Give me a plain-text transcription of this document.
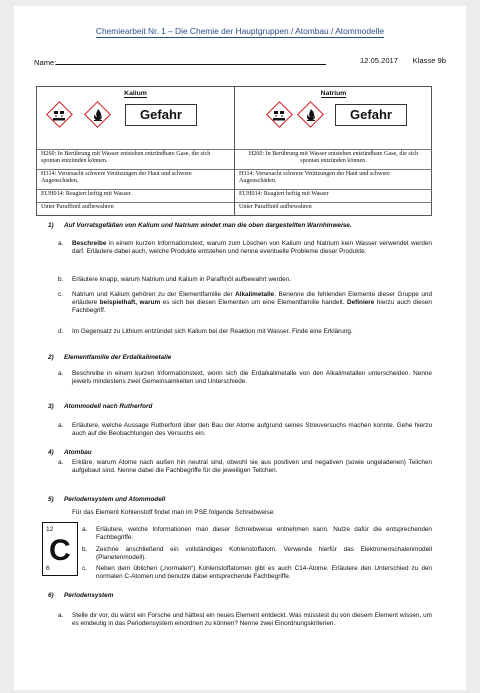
Chemiearbeit Nr. 1 – Die Chemie der Hauptgruppen / Atombau / Atommodelle
Name:	12.05.2017 Klasse 9b
Kalium
Gefahr
H260: In Berührung mit Wasser entstehen entzündbare Gase, die sich spontan entzünden können.
H314: Verursacht schwere Verätzungen der Haut und schwere Augenschäden.
EUH014: Reagiert heftig mit Wasser.
Unter Paraffinöl aufbewahren
Natrium
Gefahr
H260: In Berührung mit Wasser entstehen entzündbare Gase, die sich spontan entzünden können.
H314: Verursacht schwere Verätzungen der Haut und schwere Augenschäden.
EUH014: Reagiert heftig mit Wasser
Unter Paraffinöl aufbewahren
1) Auf Vorratsgefäßen von Kalium und Natrium windet man die oben dargestellten Warnhinweise.
a. Beschreibe in einem kurzen Informationstext, warum zum Löschen von Kalium und Natrium kein Wasser verwendet werden darf. Erläutere dabei auch, welche Produkte entstehen und nenne eventuelle Probleme dieser Produkte.
b. Erläutere knapp, warum Natrium und Kalium in Paraffinöl aufbewahrt werden.
c. Natrium und Kalium gehören zu der Elementfamilie der Alkalimetalle. Benenne die fehlenden Elemente dieser Gruppe und erläutere beispielhaft, warum es sich bei diesen Elementen um eine Elementfamilie handelt. Definiere hierzu auch diesen Fachbegriff.
d. Im Gegensatz zu Lithium entzündet sich Kalium bei der Reaktion mit Wasser. Finde eine Erklärung.
2) Elementfamilie der Erdalkalimetalle
a. Beschreibe in einem kurzen Informationstext, worin sich die Erdalkalimetalle von den Alkalimetallen unterscheiden. Nenne jeweils mindestens zwei Gemeinsamkeiten und Unterschiede.
3) Atommodell nach Rutherford
a. Erläutere, welche Aussage Rutherford über den Bau der Atome aufgrund seines Streuversuchs machen konnte. Gehe hierzu auch auf die Beobachtungen des Versuchs ein.
4) Atombau
a. Erkläre, warum Atome nach außen hin neutral sind, obwohl sie aus positiven und negativen (sowie ungeladenen) Teilchen aufgebaut sind. Nenne dabei die Fachbegriffe für die jeweiligen Teilchen.
5) Periodensystem und Atommodell
Für das Element Kohlenstoff findet man im PSE folgende Schreibweise:
12
C
6
a. Erläutere, welche Informationen man dieser Schreibweise entnehmen kann. Nutze dafür die entsprechenden Fachbegriffe.
b. Zeichne anschließend ein vollständiges Kohlenstoffatom. Verwende hierfür das Elektronenschalenmodell (Planetenmodell).
c. Neben dem üblichen („normalen“) Kohlenstoffatomen gibt es auch C14-Atome. Erläutere den Unterschied zu den normalen C-Atomen und benutze dabei entsprechende Fachbegriffe.
6) Periodensystem
a. Stelle dir vor, du wärst ein Forsche und hättest ein neues Element entdeckt. Was müsstest du von diesem Element wissen, um es eindeutig in das Periodensystem einordnen zu können? Nenne zwei Einordnungskriterien.
